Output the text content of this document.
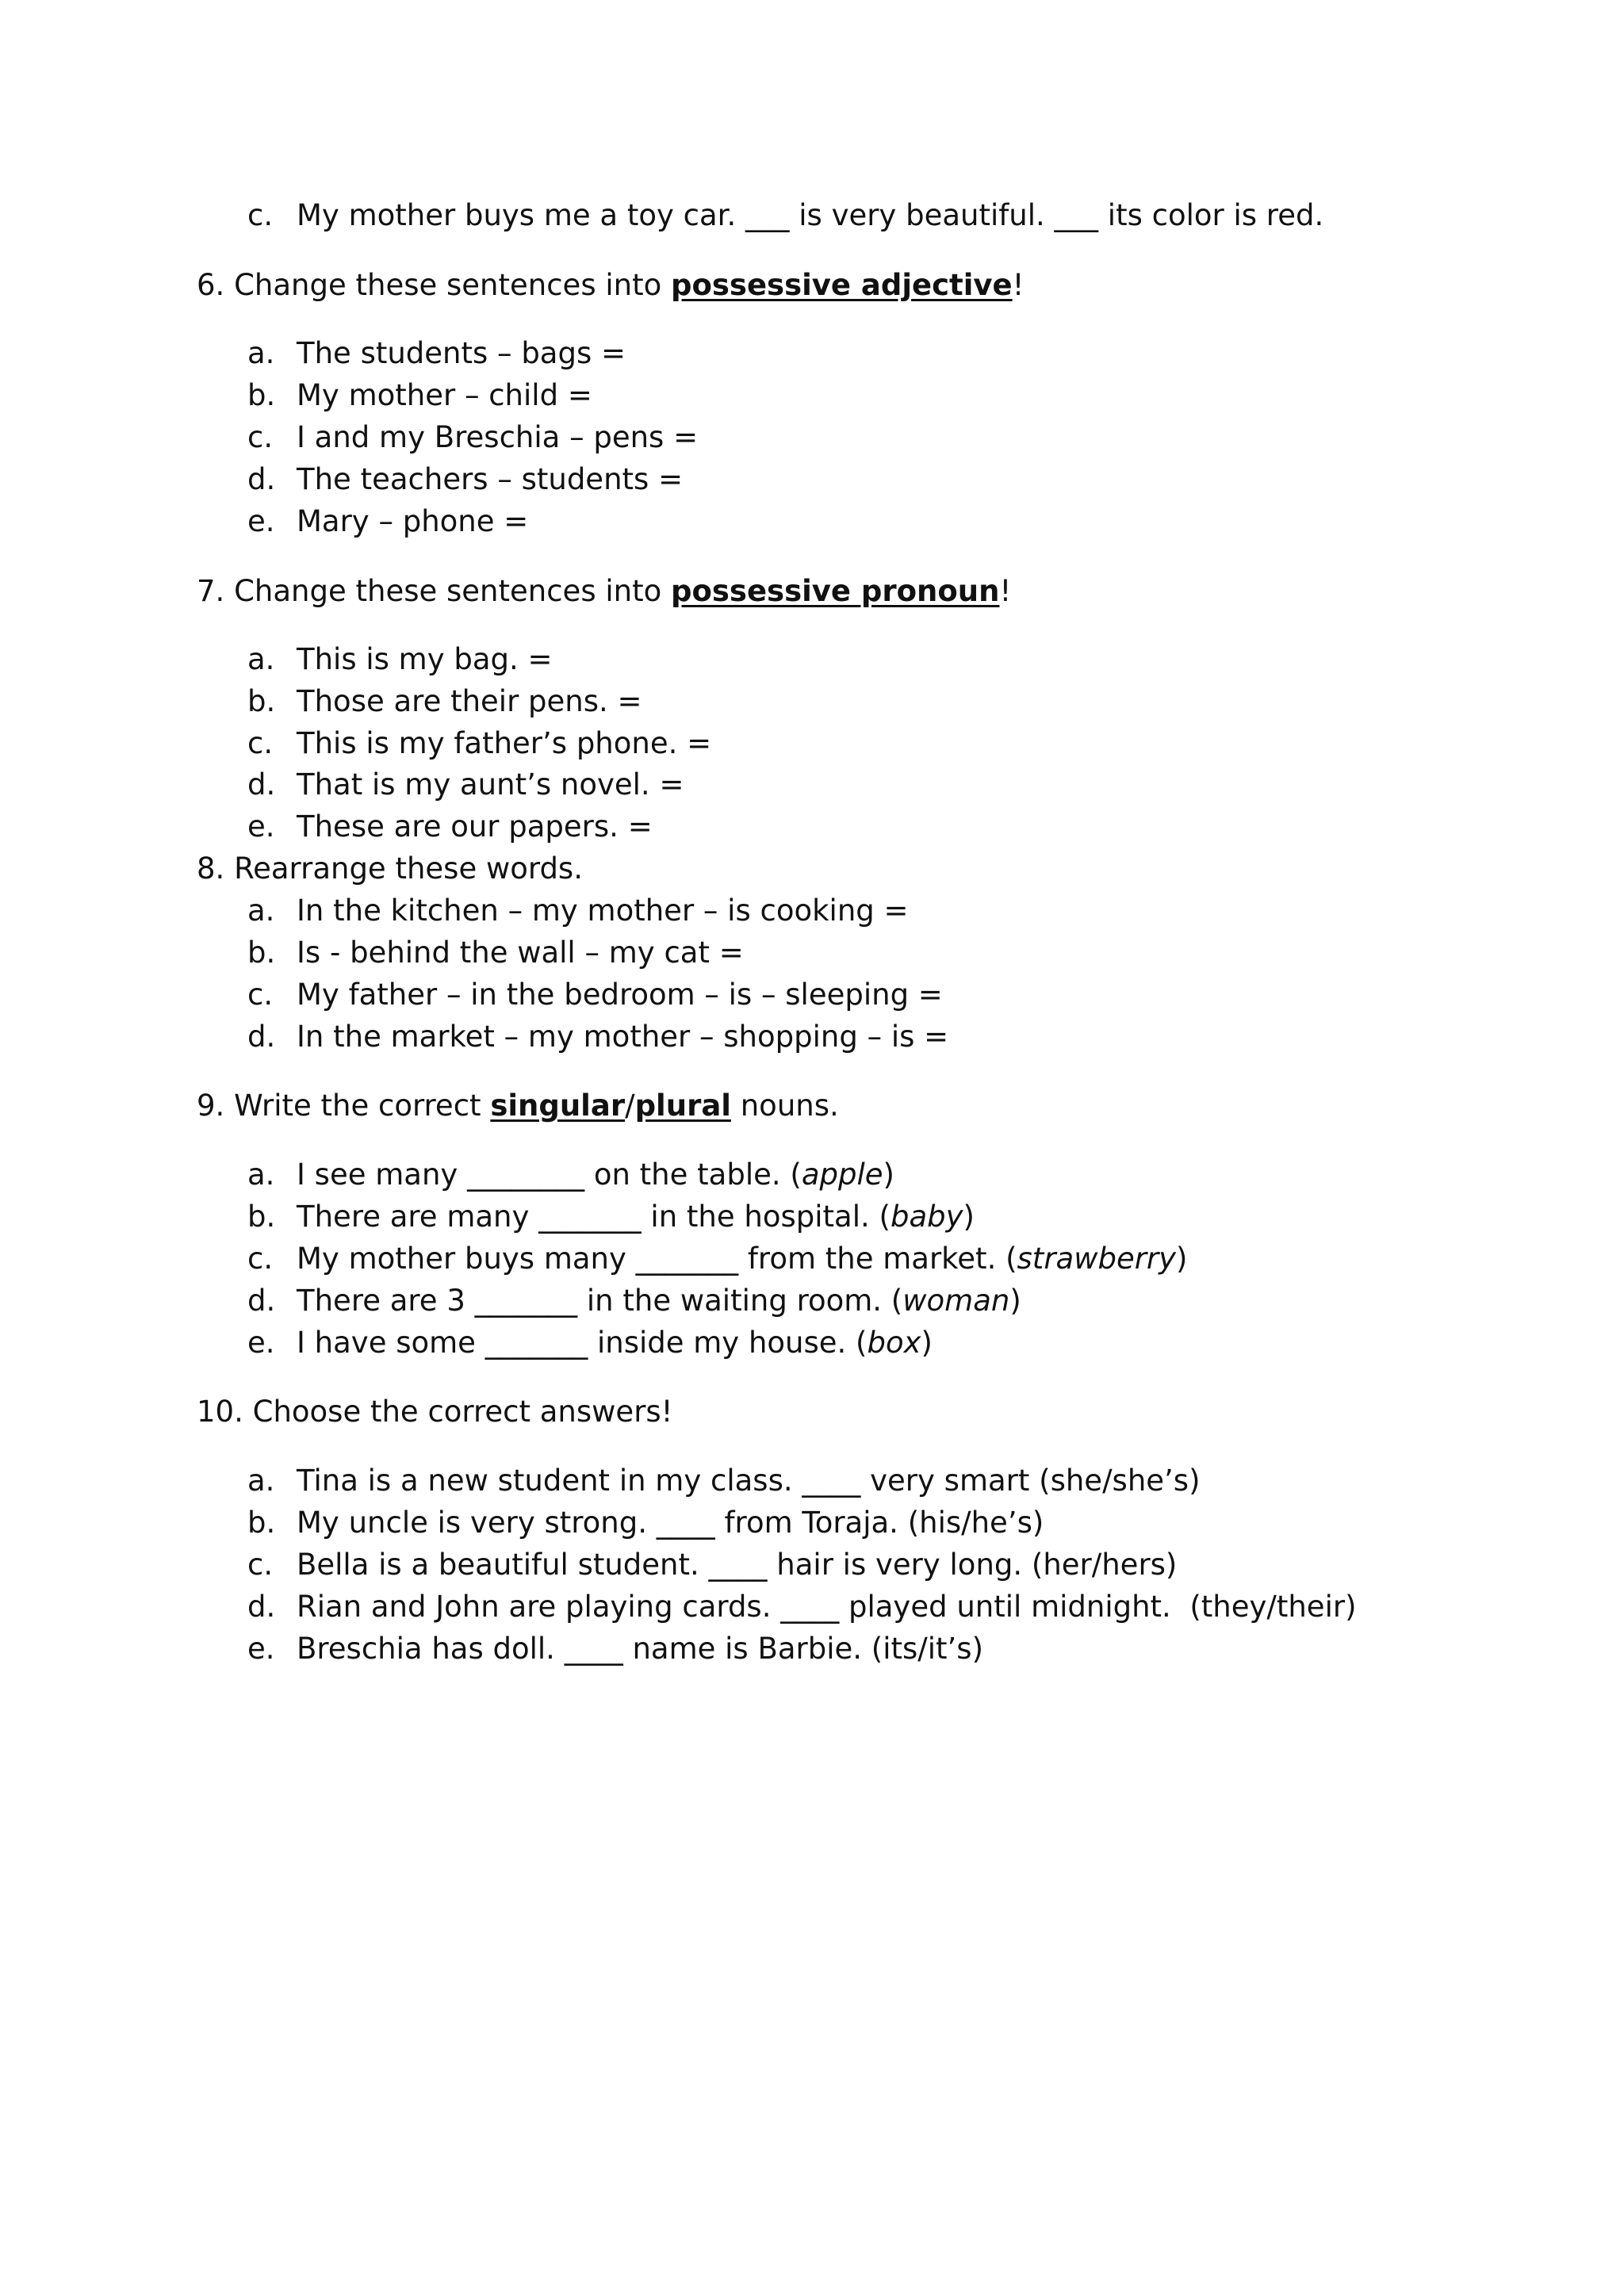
c. My mother buys me a toy car. ___ is very beautiful. ___ its color is red.
6. Change these sentences into possessive adjective!
a. The students – bags =
b. My mother – child =
c. I and my Breschia – pens =
d. The teachers – students =
e. Mary – phone =
7. Change these sentences into possessive pronoun!
a. This is my bag. =
b. Those are their pens. =
c. This is my father’s phone. =
d. That is my aunt’s novel. =
e. These are our papers. =
8. Rearrange these words.
a. In the kitchen – my mother – is cooking =
b. Is - behind the wall – my cat =
c. My father – in the bedroom – is – sleeping =
d. In the market – my mother – shopping – is =
9. Write the correct singular/plural nouns.
a. I see many ________ on the table. (apple)
b. There are many _______ in the hospital. (baby)
c. My mother buys many _______ from the market. (strawberry)
d. There are 3 _______ in the waiting room. (woman)
e. I have some _______ inside my house. (box)
10. Choose the correct answers!
a. Tina is a new student in my class. ____ very smart (she/she’s)
b. My uncle is very strong. ____ from Toraja. (his/he’s)
c. Bella is a beautiful student. ____ hair is very long. (her/hers)
d. Rian and John are playing cards. ____ played until midnight.  (they/their)
e. Breschia has doll. ____ name is Barbie. (its/it’s)
